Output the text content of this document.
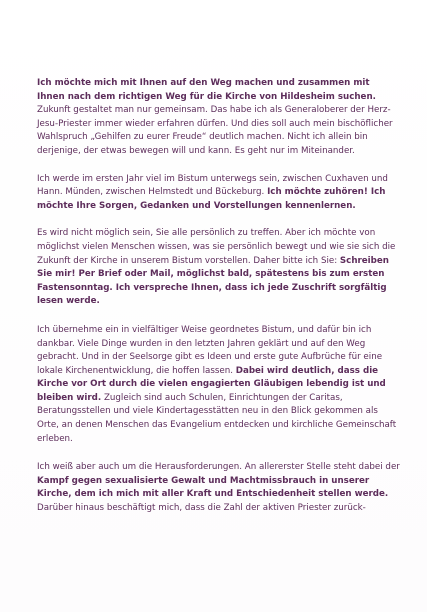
Ich möchte mich mit Ihnen auf den Weg machen und zusammen mit Ihnen nach dem richtigen Weg für die Kirche von Hildesheim suchen. Zukunft gestaltet man nur gemeinsam. Das habe ich als Generaloberer der Herz-Jesu-Priester immer wieder erfahren dürfen. Und dies soll auch mein bischöflicher Wahlspruch „Gehilfen zu eurer Freude“ deutlich machen. Nicht ich allein bin derjenige, der etwas bewegen will und kann. Es geht nur im Miteinander.

Ich werde im ersten Jahr viel im Bistum unterwegs sein, zwischen Cuxhaven und Hann. Münden, zwischen Helmstedt und Bückeburg. Ich möchte zuhören! Ich möchte Ihre Sorgen, Gedanken und Vorstellungen kennenlernen.

Es wird nicht möglich sein, Sie alle persönlich zu treffen. Aber ich möchte von möglichst vielen Menschen wissen, was sie persönlich bewegt und wie sie sich die Zukunft der Kirche in unserem Bistum vorstellen. Daher bitte ich Sie: Schreiben Sie mir! Per Brief oder Mail, möglichst bald, spätestens bis zum ersten Fastensonntag. Ich verspreche Ihnen, dass ich jede Zuschrift sorgfältig lesen werde.

Ich übernehme ein in vielfältiger Weise geordnetes Bistum, und dafür bin ich dankbar. Viele Dinge wurden in den letzten Jahren geklärt und auf den Weg gebracht. Und in der Seelsorge gibt es Ideen und erste gute Aufbrüche für eine lokale Kirchenentwicklung, die hoffen lassen. Dabei wird deutlich, dass die Kirche vor Ort durch die vielen engagierten Gläubigen lebendig ist und bleiben wird. Zugleich sind auch Schulen, Einrichtungen der Caritas, Beratungsstellen und viele Kindertagesstätten neu in den Blick gekommen als Orte, an denen Menschen das Evangelium entdecken und kirchliche Gemeinschaft erleben.

Ich weiß aber auch um die Herausforderungen. An allererster Stelle steht dabei der Kampf gegen sexualisierte Gewalt und Machtmissbrauch in unserer Kirche, dem ich mich mit aller Kraft und Entschiedenheit stellen werde. Darüber hinaus beschäftigt mich, dass die Zahl der aktiven Priester zurück-
